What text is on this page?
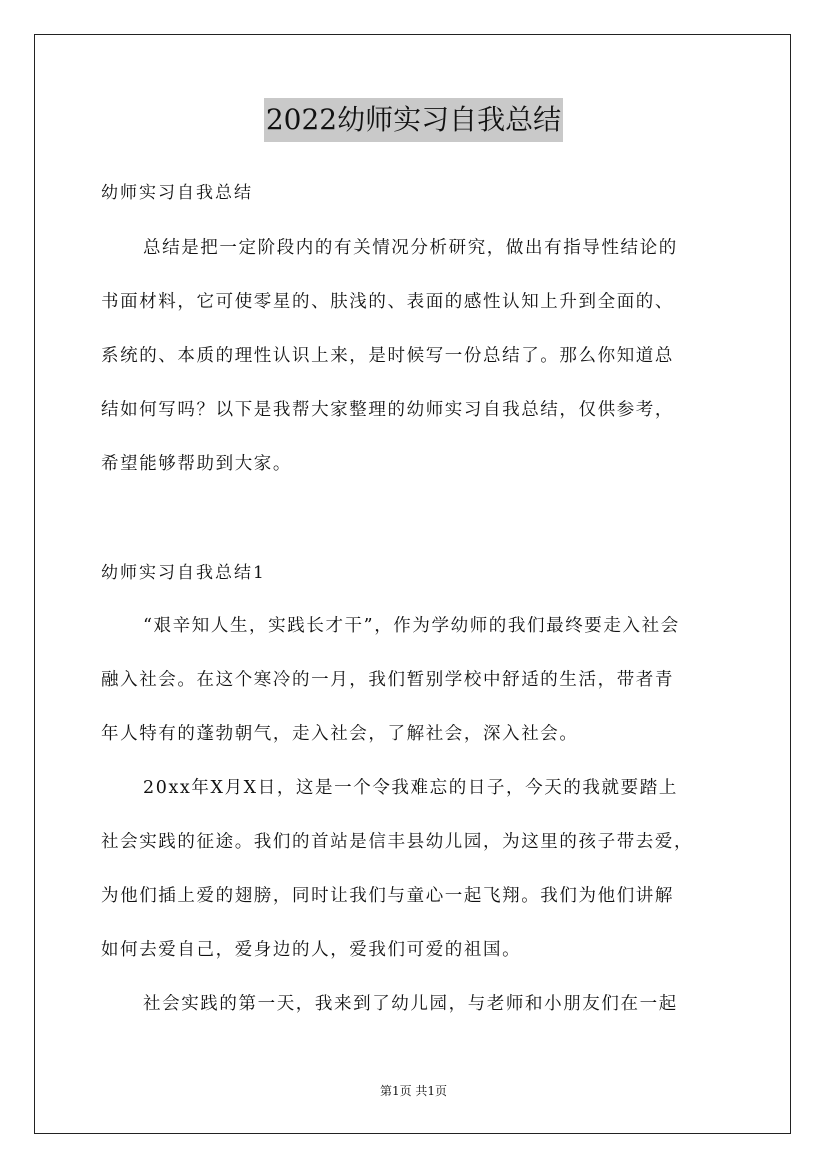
2022幼师实习自我总结
幼师实习自我总结
总结是把一定阶段内的有关情况分析研究，做出有指导性结论的
书面材料，它可使零星的、肤浅的、表面的感性认知上升到全面的、
系统的、本质的理性认识上来，是时候写一份总结了。那么你知道总
结如何写吗？以下是我帮大家整理的幼师实习自我总结，仅供参考，
希望能够帮助到大家。
幼师实习自我总结1
“艰辛知人生，实践长才干”，作为学幼师的我们最终要走入社会
融入社会。在这个寒冷的一月，我们暂别学校中舒适的生活，带者青
年人特有的蓬勃朝气，走入社会，了解社会，深入社会。
20xx年X月X日，这是一个令我难忘的日子，今天的我就要踏上
社会实践的征途。我们的首站是信丰县幼儿园，为这里的孩子带去爱，
为他们插上爱的翅膀，同时让我们与童心一起飞翔。我们为他们讲解
如何去爱自己，爱身边的人，爱我们可爱的祖国。
社会实践的第一天，我来到了幼儿园，与老师和小朋友们在一起
第1页 共1页
